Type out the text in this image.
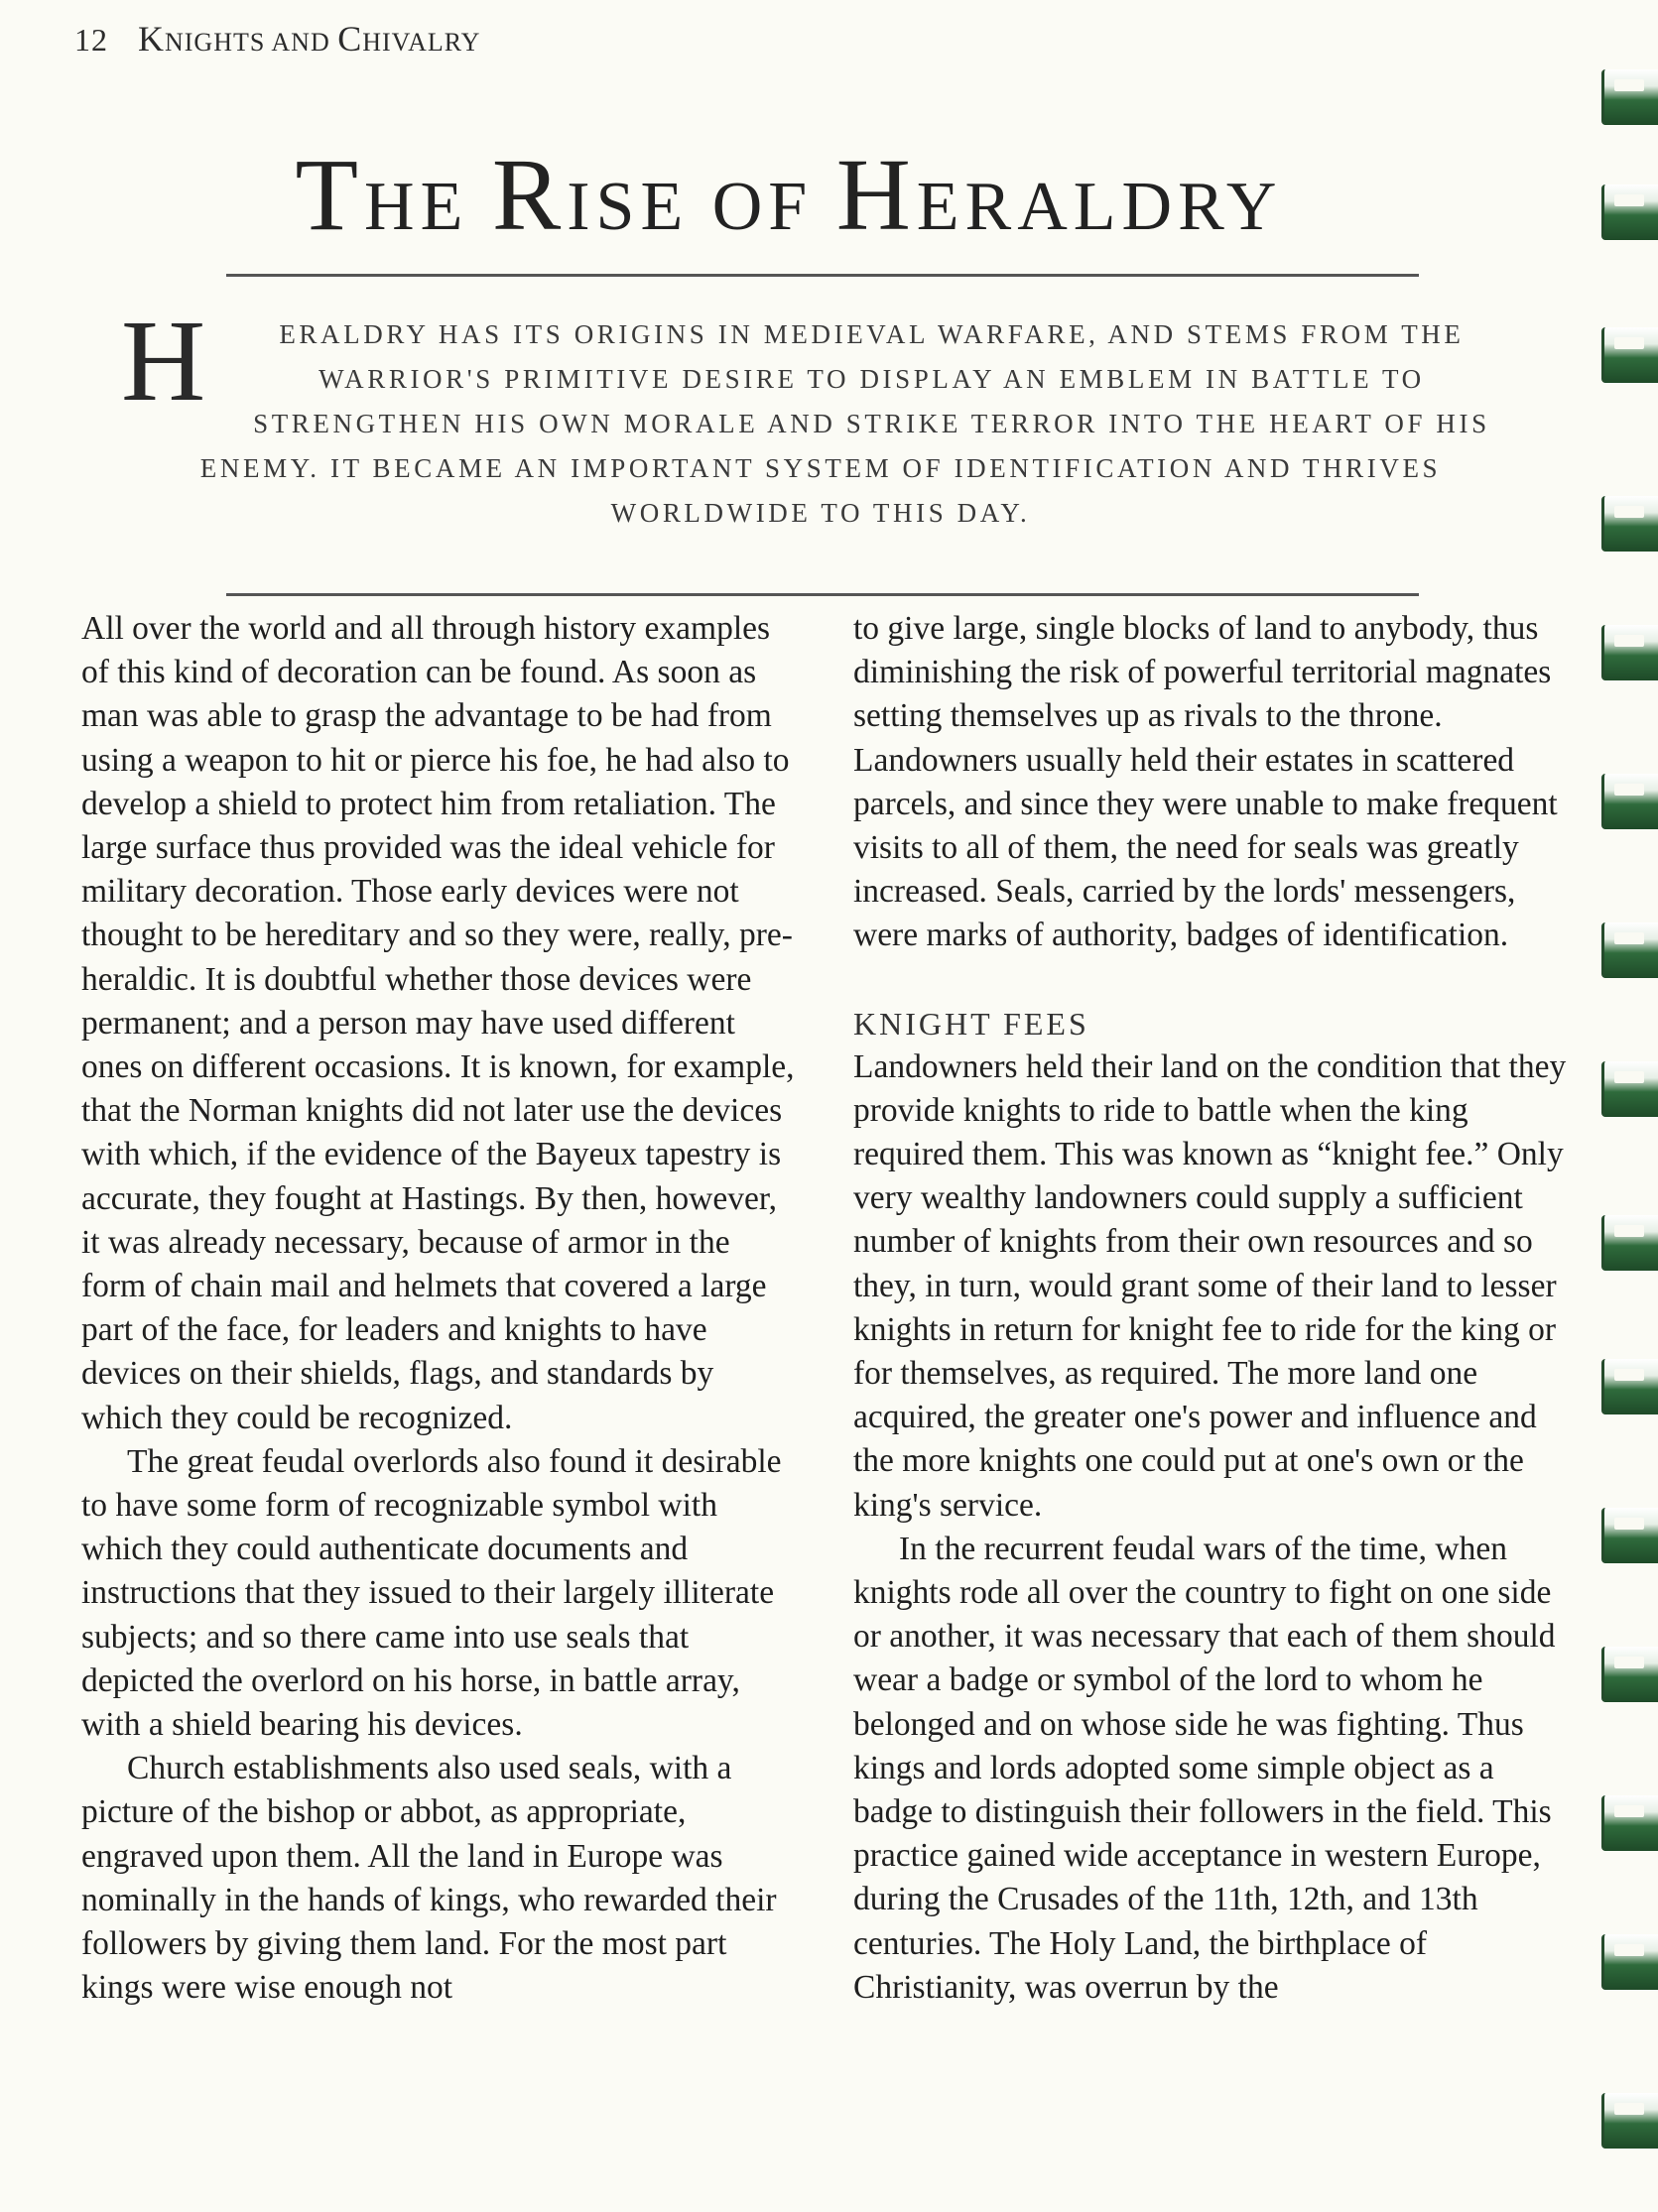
12 KNIGHTS AND CHIVALRY
THE RISE OF HERALDRY
H	ERALDRY HAS ITS ORIGINS IN MEDIEVAL WARFARE, AND STEMS FROM THE WARRIOR'S PRIMITIVE DESIRE TO DISPLAY AN EMBLEM IN BATTLE TO STRENGTHEN HIS OWN MORALE AND STRIKE TERROR INTO THE HEART OF HIS ENEMY. IT BECAME AN IMPORTANT SYSTEM OF IDENTIFICATION AND THRIVES WORLDWIDE TO THIS DAY.

All over the world and all through history examples of this kind of decoration can be found. As soon as man was able to grasp the advantage to be had from using a weapon to hit or pierce his foe, he had also to develop a shield to protect him from retaliation. The large surface thus provided was the ideal vehicle for military decoration. Those early devices were not thought to be hereditary and so they were, really, pre-heraldic. It is doubtful whether those devices were permanent; and a person may have used different ones on different occasions. It is known, for example, that the Norman knights did not later use the devices with which, if the evidence of the Bayeux tapestry is accurate, they fought at Hastings. By then, however, it was already necessary, because of armor in the form of chain mail and helmets that covered a large part of the face, for leaders and knights to have devices on their shields, flags, and standards by which they could be recognized.

The great feudal overlords also found it desirable to have some form of recognizable symbol with which they could authenticate documents and instructions that they issued to their largely illiterate subjects; and so there came into use seals that depicted the overlord on his horse, in battle array, with a shield bearing his devices.

Church establishments also used seals, with a picture of the bishop or abbot, as appropriate, engraved upon them. All the land in Europe was nominally in the hands of kings, who rewarded their followers by giving them land. For the most part kings were wise enough not

to give large, single blocks of land to anybody, thus diminishing the risk of powerful territorial magnates setting themselves up as rivals to the throne. Landowners usually held their estates in scattered parcels, and since they were unable to make frequent visits to all of them, the need for seals was greatly increased. Seals, carried by the lords' messengers, were marks of authority, badges of identification.

KNIGHT FEES

Landowners held their land on the condition that they provide knights to ride to battle when the king required them. This was known as “knight fee.” Only very wealthy landowners could supply a sufficient number of knights from their own resources and so they, in turn, would grant some of their land to lesser knights in return for knight fee to ride for the king or for themselves, as required. The more land one acquired, the greater one's power and influence and the more knights one could put at one's own or the king's service.

In the recurrent feudal wars of the time, when knights rode all over the country to fight on one side or another, it was necessary that each of them should wear a badge or symbol of the lord to whom he belonged and on whose side he was fighting. Thus kings and lords adopted some simple object as a badge to distinguish their followers in the field. This practice gained wide acceptance in western Europe, during the Crusades of the 11th, 12th, and 13th centuries. The Holy Land, the birthplace of Christianity, was overrun by the
